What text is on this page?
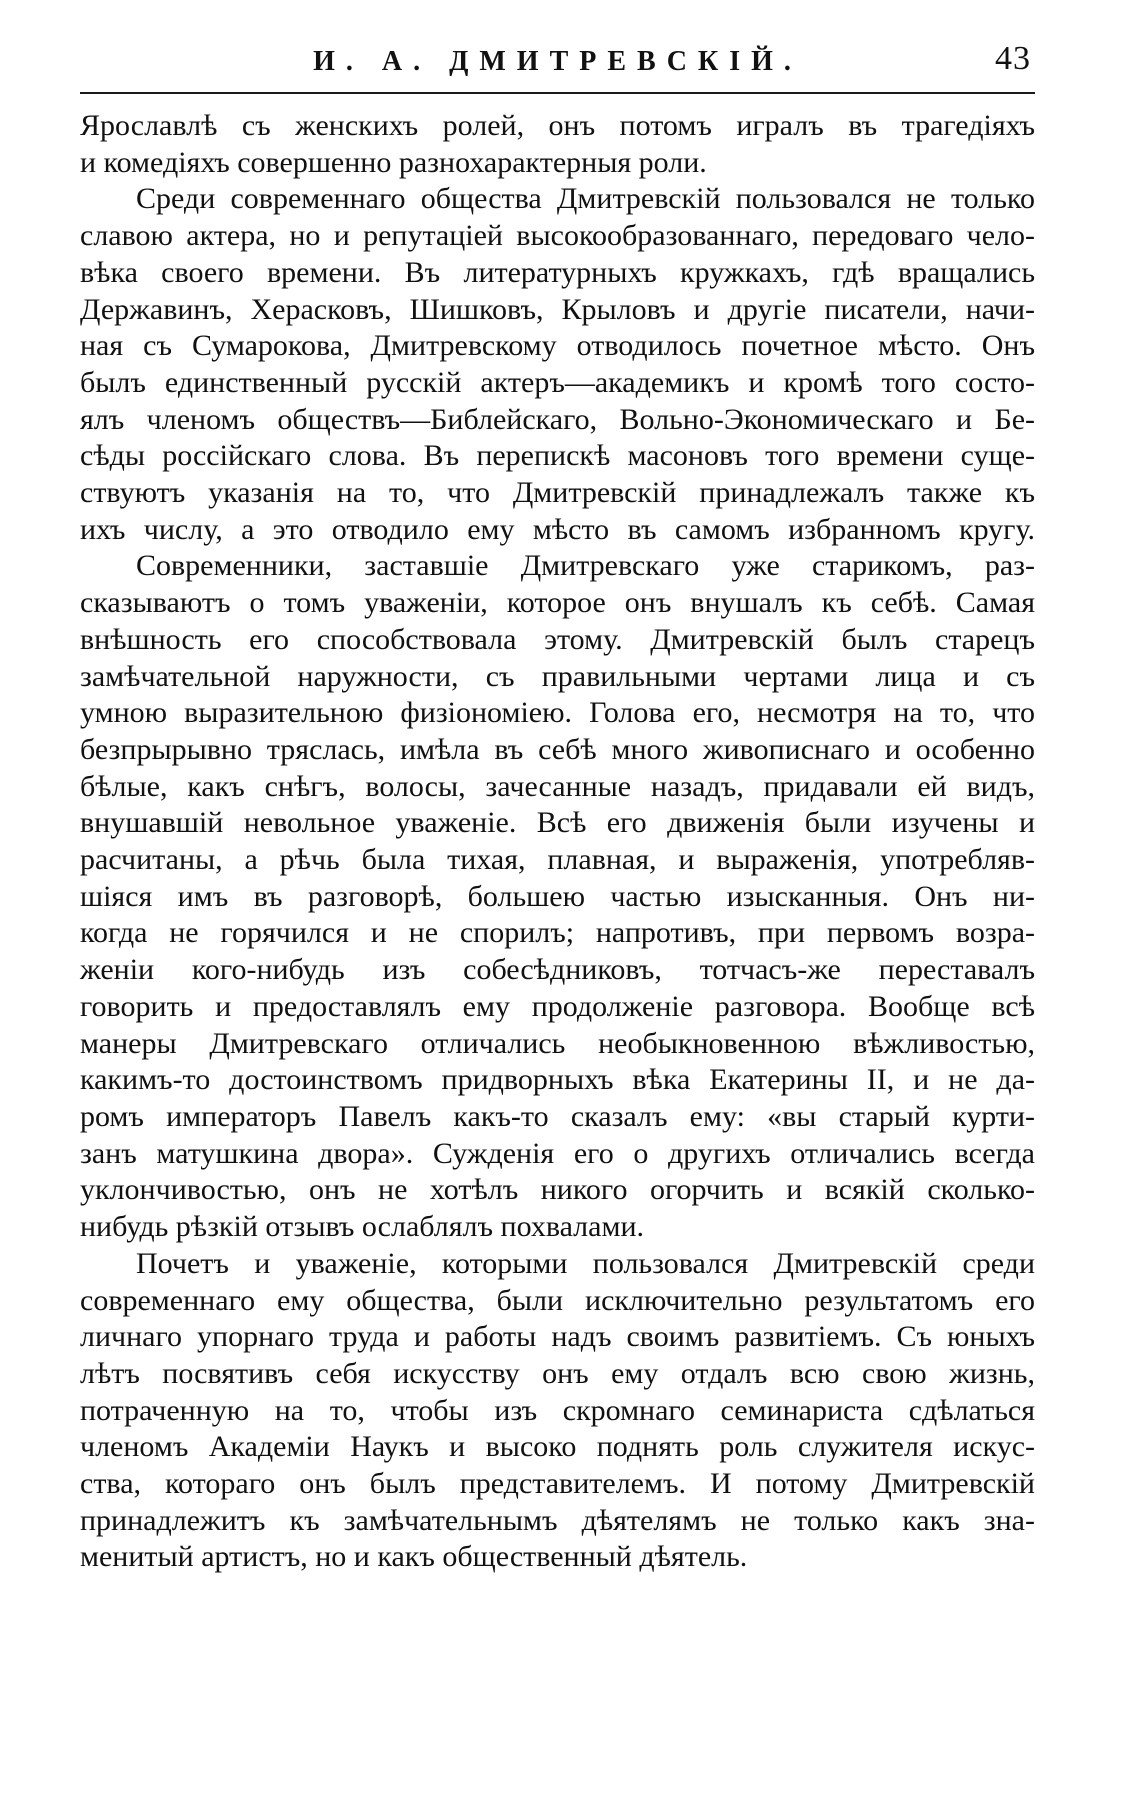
И. А. ДМИТРЕВСКІЙ.	43
Ярославлѣ съ женскихъ ролей, онъ потомъ игралъ въ трагедіяхъ
и комедіяхъ совершенно разнохарактерныя роли.
Среди современнаго общества Дмитревскій пользовался не только
славою актера, но и репутаціей высокообразованнаго, передоваго чело-
вѣка своего времени. Въ литературныхъ кружкахъ, гдѣ вращались
Державинъ, Херасковъ, Шишковъ, Крыловъ и другіе писатели, начи-
ная съ Сумарокова, Дмитревскому отводилось почетное мѣсто. Онъ
былъ единственный русскій актеръ—академикъ и кромѣ того состо-
ялъ членомъ обществъ—Библейскаго, Вольно-Экономическаго и Бе-
сѣды россійскаго слова. Въ перепискѣ масоновъ того времени суще-
ствуютъ указанія на то, что Дмитревскій принадлежалъ также къ
ихъ числу, а это отводило ему мѣсто въ самомъ избранномъ кругу.
Современники, заставшіе Дмитревскаго уже старикомъ, раз-
сказываютъ о томъ уваженіи, которое онъ внушалъ къ себѣ. Самая
внѣшность его способствовала этому. Дмитревскій былъ старецъ
замѣчательной наружности, съ правильными чертами лица и съ
умною выразительною физіономіею. Голова его, несмотря на то, что
безпрырывно тряслась, имѣла въ себѣ много живописнаго и особенно
бѣлые, какъ снѣгъ, волосы, зачесанные назадъ, придавали ей видъ,
внушавшій невольное уваженіе. Всѣ его движенія были изучены и
расчитаны, а рѣчь была тихая, плавная, и выраженія, употребляв-
шіяся имъ въ разговорѣ, большею частью изысканныя. Онъ ни-
когда не горячился и не спорилъ; напротивъ, при первомъ возра-
женіи кого-нибудь изъ собесѣдниковъ, тотчасъ-же переставалъ
говорить и предоставлялъ ему продолженіе разговора. Вообще всѣ
манеры Дмитревскаго отличались необыкновенною вѣжливостью,
какимъ-то достоинствомъ придворныхъ вѣка Екатерины II, и не да-
ромъ императоръ Павелъ какъ-то сказалъ ему: «вы старый курти-
занъ матушкина двора». Сужденія его о другихъ отличались всегда
уклончивостью, онъ не хотѣлъ никого огорчить и всякій сколько-
нибудь рѣзкій отзывъ ослаблялъ похвалами.
Почетъ и уваженіе, которыми пользовался Дмитревскій среди
современнаго ему общества, были исключительно результатомъ его
личнаго упорнаго труда и работы надъ своимъ развитіемъ. Съ юныхъ
лѣтъ посвятивъ себя искусству онъ ему отдалъ всю свою жизнь,
потраченную на то, чтобы изъ скромнаго семинариста сдѣлаться
членомъ Академіи Наукъ и высоко поднять роль служителя искус-
ства, котораго онъ былъ представителемъ. И потому Дмитревскій
принадлежитъ къ замѣчательнымъ дѣятелямъ не только какъ зна-
менитый артистъ, но и какъ общественный дѣятель.
